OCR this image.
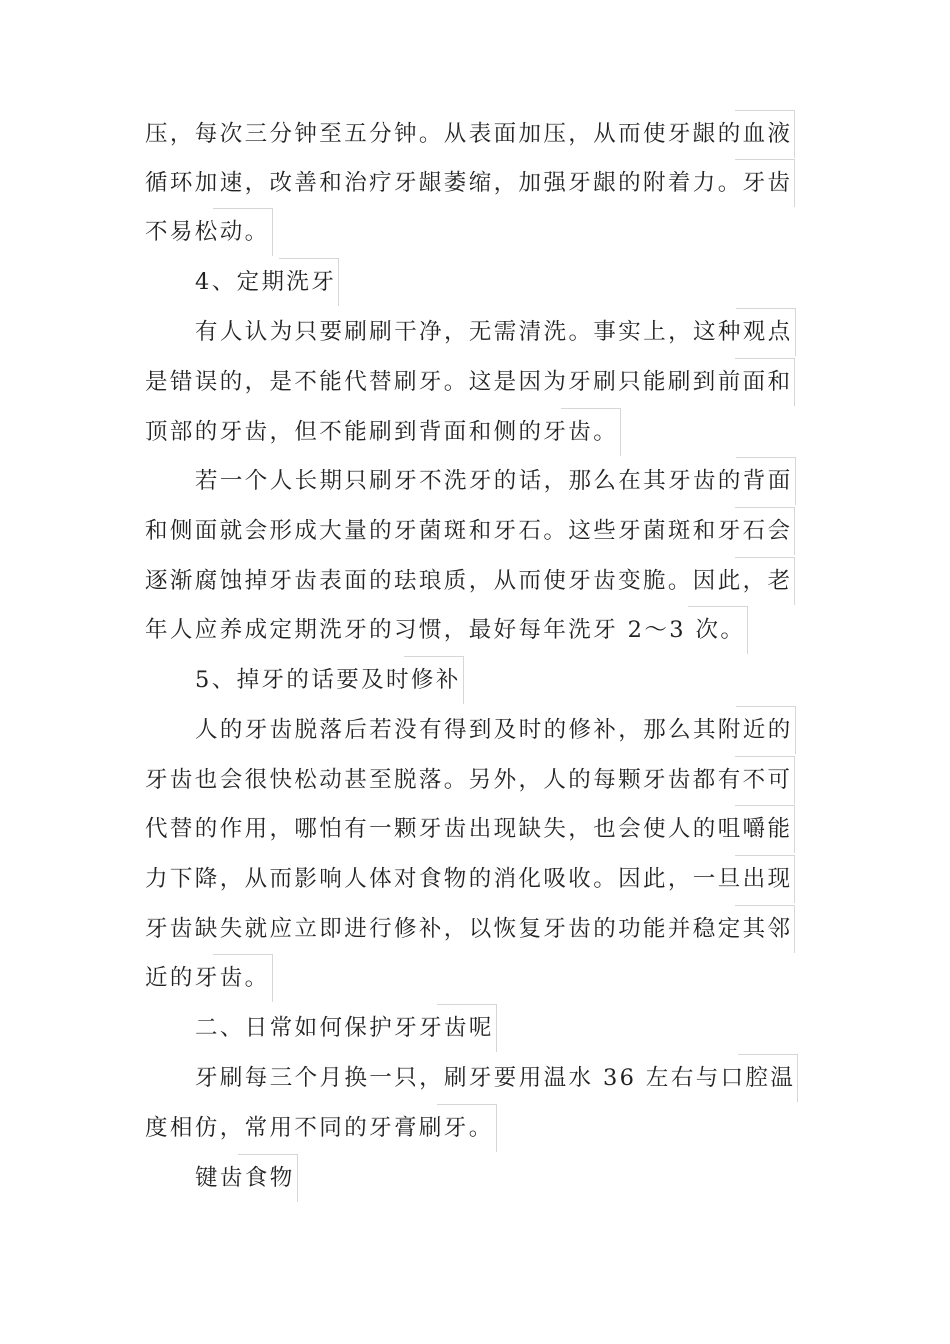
压，每次三分钟至五分钟。从表面加压，从而使牙龈的血液
循环加速，改善和治疗牙龈萎缩，加强牙龈的附着力。牙齿
不易松动。
4、定期洗牙
有人认为只要刷刷干净，无需清洗。事实上，这种观点
是错误的，是不能代替刷牙。这是因为牙刷只能刷到前面和
顶部的牙齿，但不能刷到背面和侧的牙齿。
若一个人长期只刷牙不洗牙的话，那么在其牙齿的背面
和侧面就会形成大量的牙菌斑和牙石。这些牙菌斑和牙石会
逐渐腐蚀掉牙齿表面的珐琅质，从而使牙齿变脆。因此，老
年人应养成定期洗牙的习惯，最好每年洗牙 2～3 次。
5、掉牙的话要及时修补
人的牙齿脱落后若没有得到及时的修补，那么其附近的
牙齿也会很快松动甚至脱落。另外，人的每颗牙齿都有不可
代替的作用，哪怕有一颗牙齿出现缺失，也会使人的咀嚼能
力下降，从而影响人体对食物的消化吸收。因此，一旦出现
牙齿缺失就应立即进行修补，以恢复牙齿的功能并稳定其邻
近的牙齿。
二、日常如何保护牙牙齿呢
牙刷每三个月换一只，刷牙要用温水 36 左右与口腔温
度相仿，常用不同的牙膏刷牙。
键齿食物
